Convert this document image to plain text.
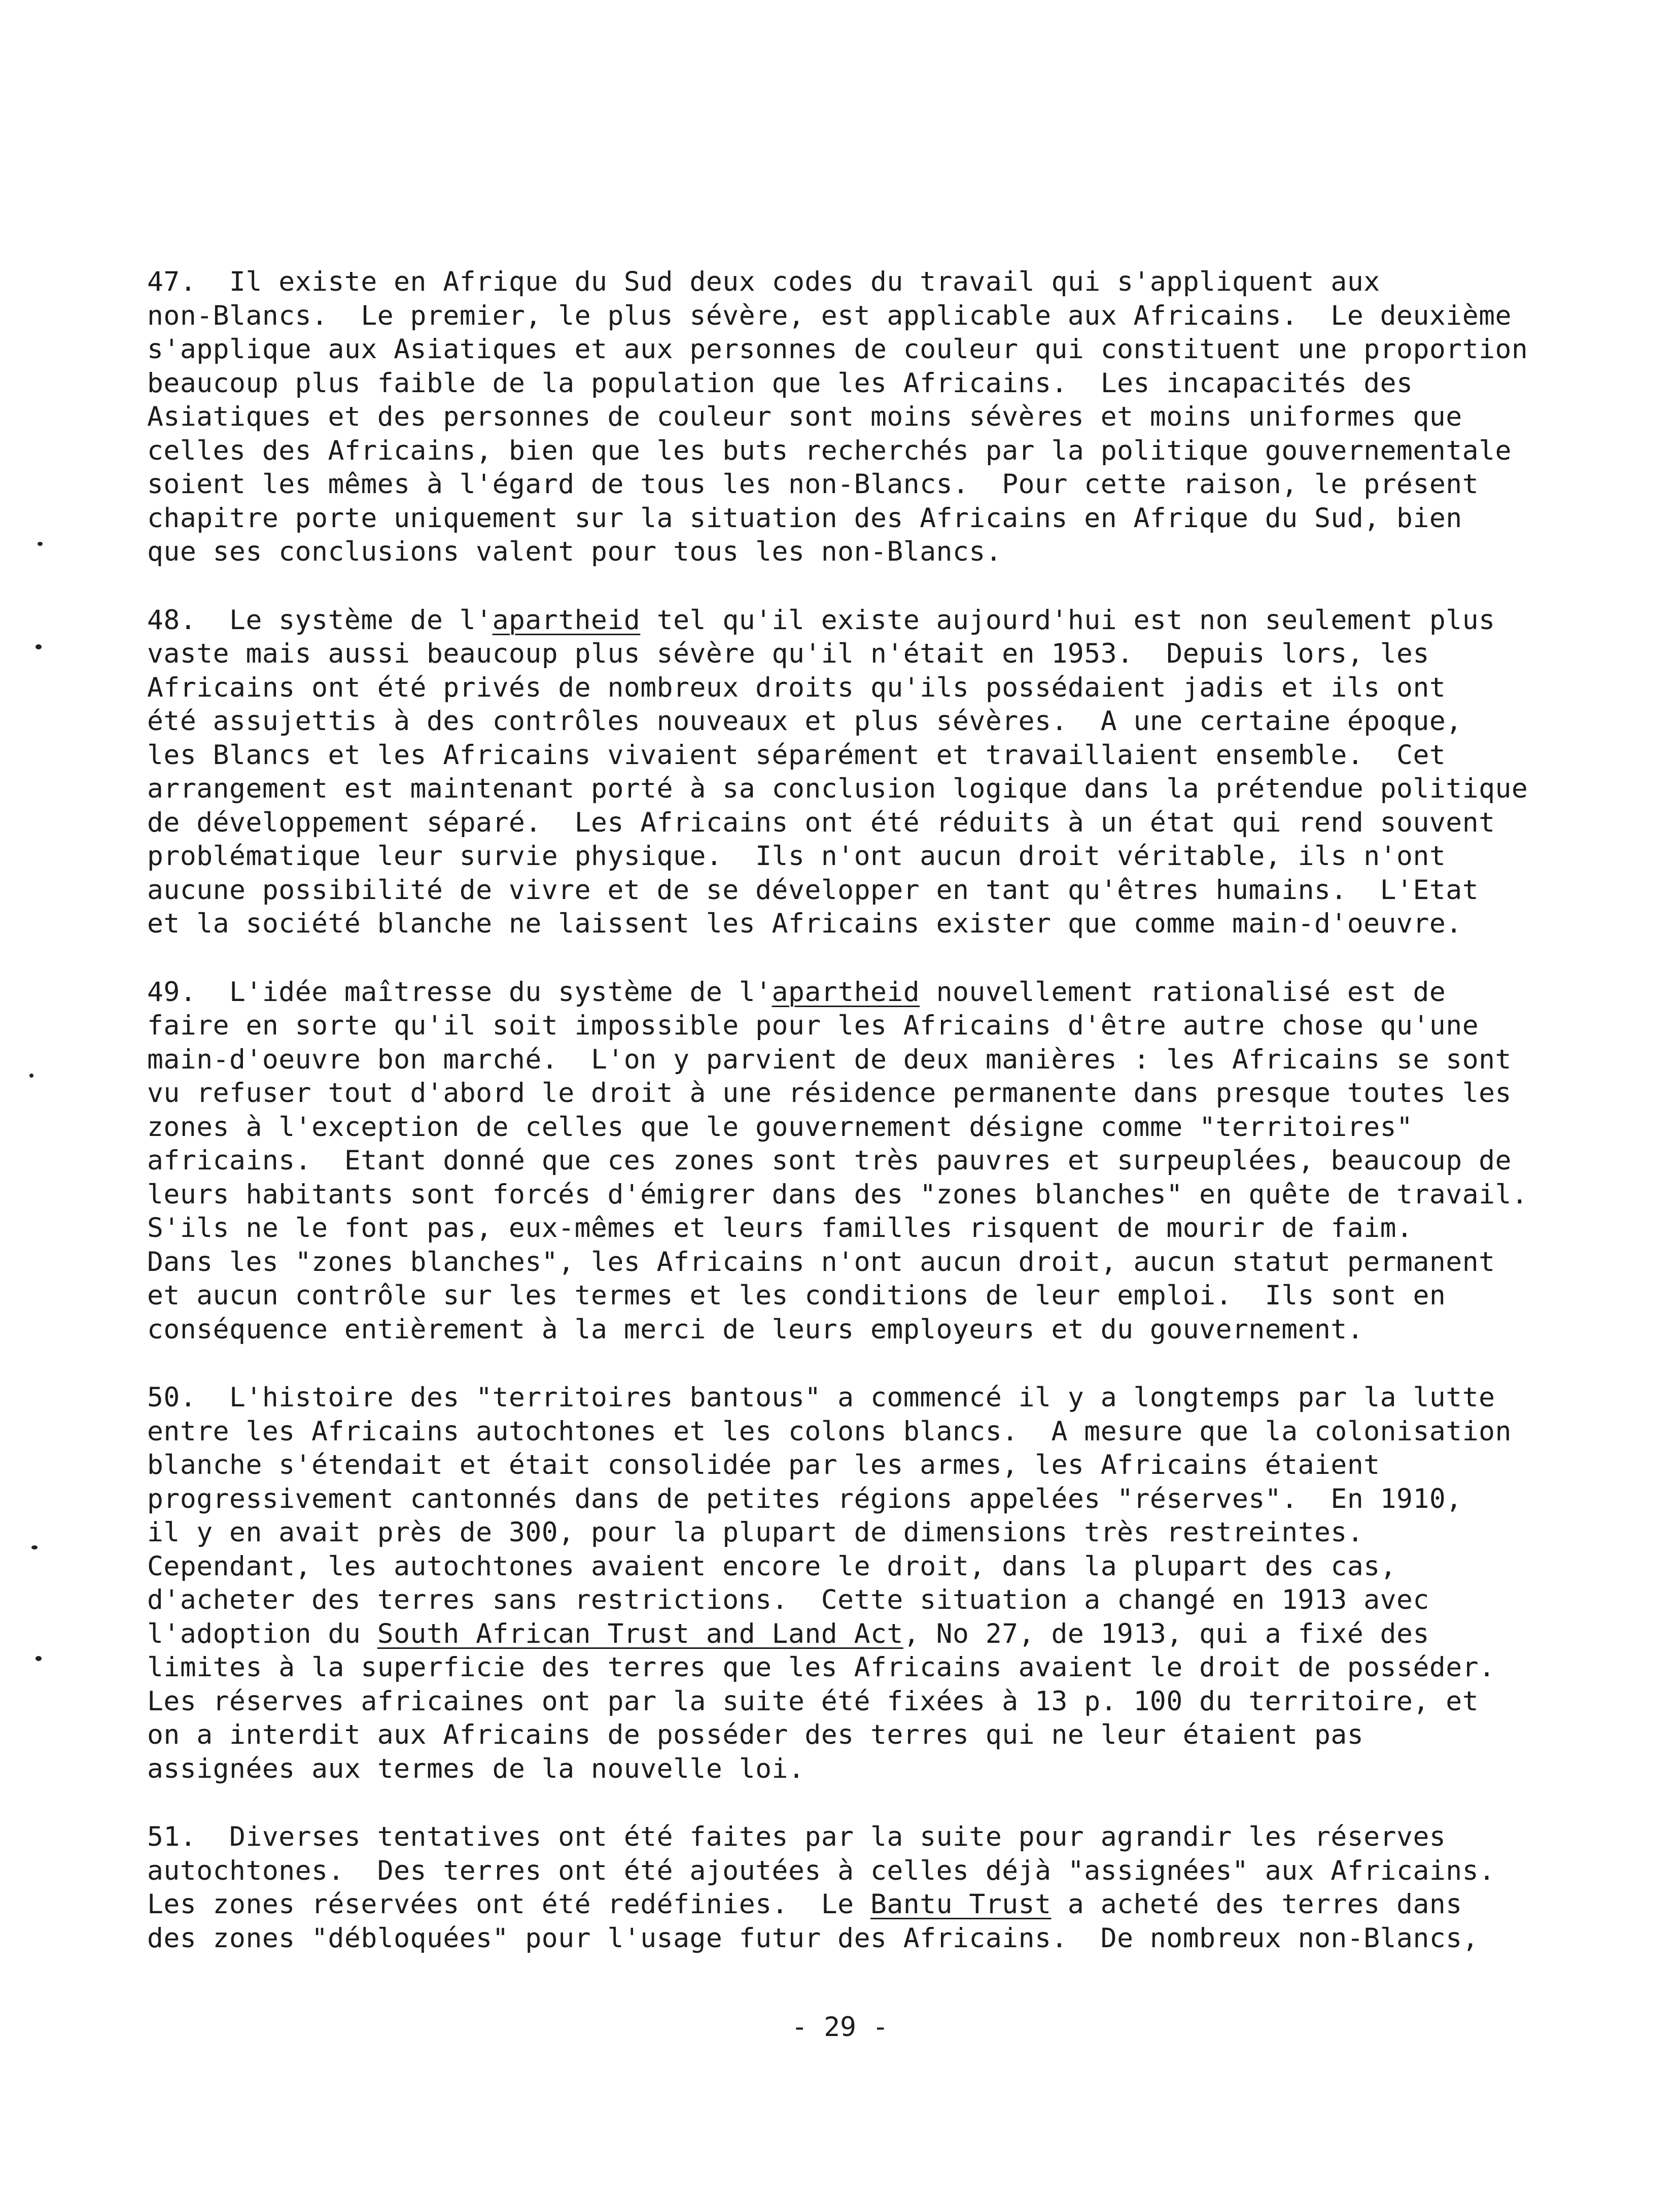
47.  Il existe en Afrique du Sud deux codes du travail qui s'appliquent aux
non-Blancs.  Le premier, le plus sévère, est applicable aux Africains.  Le deuxième
s'applique aux Asiatiques et aux personnes de couleur qui constituent une proportion
beaucoup plus faible de la population que les Africains.  Les incapacités des
Asiatiques et des personnes de couleur sont moins sévères et moins uniformes que
celles des Africains, bien que les buts recherchés par la politique gouvernementale
soient les mêmes à l'égard de tous les non-Blancs.  Pour cette raison, le présent
chapitre porte uniquement sur la situation des Africains en Afrique du Sud, bien
que ses conclusions valent pour tous les non-Blancs.
48.  Le système de l'apartheid tel qu'il existe aujourd'hui est non seulement plus
vaste mais aussi beaucoup plus sévère qu'il n'était en 1953.  Depuis lors, les
Africains ont été privés de nombreux droits qu'ils possédaient jadis et ils ont
été assujettis à des contrôles nouveaux et plus sévères.  A une certaine époque,
les Blancs et les Africains vivaient séparément et travaillaient ensemble.  Cet
arrangement est maintenant porté à sa conclusion logique dans la prétendue politique
de développement séparé.  Les Africains ont été réduits à un état qui rend souvent
problématique leur survie physique.  Ils n'ont aucun droit véritable, ils n'ont
aucune possibilité de vivre et de se développer en tant qu'êtres humains.  L'Etat
et la société blanche ne laissent les Africains exister que comme main-d'oeuvre.
49.  L'idée maîtresse du système de l'apartheid nouvellement rationalisé est de
faire en sorte qu'il soit impossible pour les Africains d'être autre chose qu'une
main-d'oeuvre bon marché.  L'on y parvient de deux manières : les Africains se sont
vu refuser tout d'abord le droit à une résidence permanente dans presque toutes les
zones à l'exception de celles que le gouvernement désigne comme "territoires"
africains.  Etant donné que ces zones sont très pauvres et surpeuplées, beaucoup de
leurs habitants sont forcés d'émigrer dans des "zones blanches" en quête de travail.
S'ils ne le font pas, eux-mêmes et leurs familles risquent de mourir de faim.
Dans les "zones blanches", les Africains n'ont aucun droit, aucun statut permanent
et aucun contrôle sur les termes et les conditions de leur emploi.  Ils sont en
conséquence entièrement à la merci de leurs employeurs et du gouvernement.
50.  L'histoire des "territoires bantous" a commencé il y a longtemps par la lutte
entre les Africains autochtones et les colons blancs.  A mesure que la colonisation
blanche s'étendait et était consolidée par les armes, les Africains étaient
progressivement cantonnés dans de petites régions appelées "réserves".  En 1910,
il y en avait près de 300, pour la plupart de dimensions très restreintes.
Cependant, les autochtones avaient encore le droit, dans la plupart des cas,
d'acheter des terres sans restrictions.  Cette situation a changé en 1913 avec
l'adoption du South African Trust and Land Act, No 27, de 1913, qui a fixé des
limites à la superficie des terres que les Africains avaient le droit de posséder.
Les réserves africaines ont par la suite été fixées à 13 p. 100 du territoire, et
on a interdit aux Africains de posséder des terres qui ne leur étaient pas
assignées aux termes de la nouvelle loi.
51.  Diverses tentatives ont été faites par la suite pour agrandir les réserves
autochtones.  Des terres ont été ajoutées à celles déjà "assignées" aux Africains.
Les zones réservées ont été redéfinies.  Le Bantu Trust a acheté des terres dans
des zones "débloquées" pour l'usage futur des Africains.  De nombreux non-Blancs,
- 29 -
